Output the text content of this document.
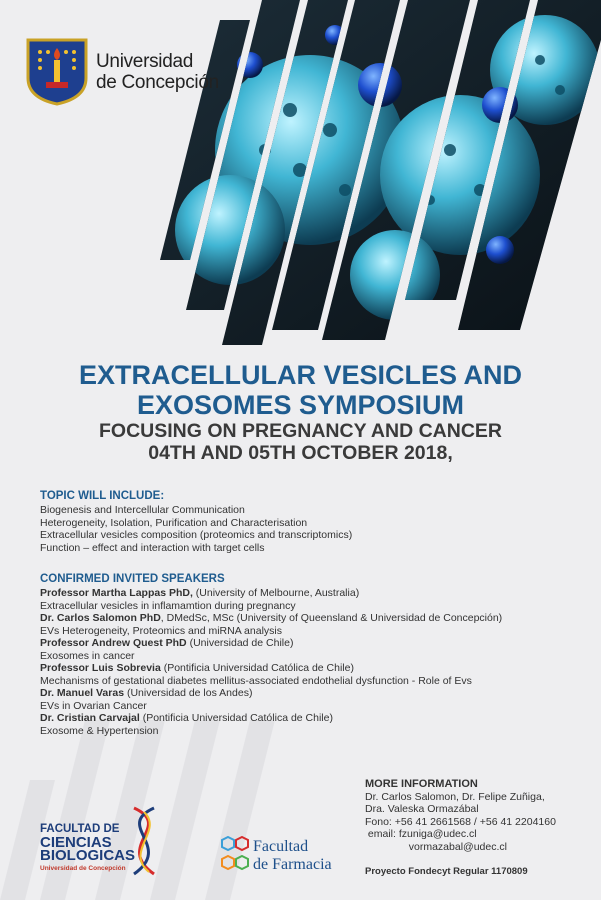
Universidad
de Concepción
EXTRACELLULAR VESICLES AND
EXOSOMES SYMPOSIUM
FOCUSING ON PREGNANCY AND CANCER
04TH AND 05TH OCTOBER 2018,
TOPIC WILL INCLUDE:
Biogenesis and Intercellular Communication
Heterogeneity, Isolation, Purification and Characterisation
Extracellular vesicles composition (proteomics and transcriptomics)
Function – effect and interaction with target cells
CONFIRMED INVITED SPEAKERS
Professor Martha Lappas PhD, (University of Melbourne, Australia)
Extracellular vesicles in inflamamtion during pregnancy
Dr. Carlos Salomon PhD, DMedSc, MSc (University of Queensland & Universidad de Concepción)
EVs Heterogeneity, Proteomics and miRNA analysis
Professor Andrew Quest PhD (Universidad de Chile)
Exosomes in cancer
Professor Luis Sobrevia (Pontificia Universidad Católica de Chile)
Mechanisms of gestational diabetes mellitus-associated endothelial dysfunction - Role of Evs
Dr. Manuel Varas (Universidad de los Andes)
EVs in Ovarian Cancer
Dr. Cristian Carvajal (Pontificia Universidad Católica de Chile)
Exosome & Hypertension
MORE INFORMATION
Dr. Carlos Salomon, Dr. Felipe Zuñiga,
Dra. Valeska Ormazábal
Fono: +56 41 2661568 / +56 41 2204160
email: fzuniga@udec.cl
vormazabal@udec.cl
Proyecto Fondecyt Regular 1170809
FACULTAD DE
CIENCIAS
BIOLOGICAS
Universidad de Concepción
Facultad
de Farmacia
